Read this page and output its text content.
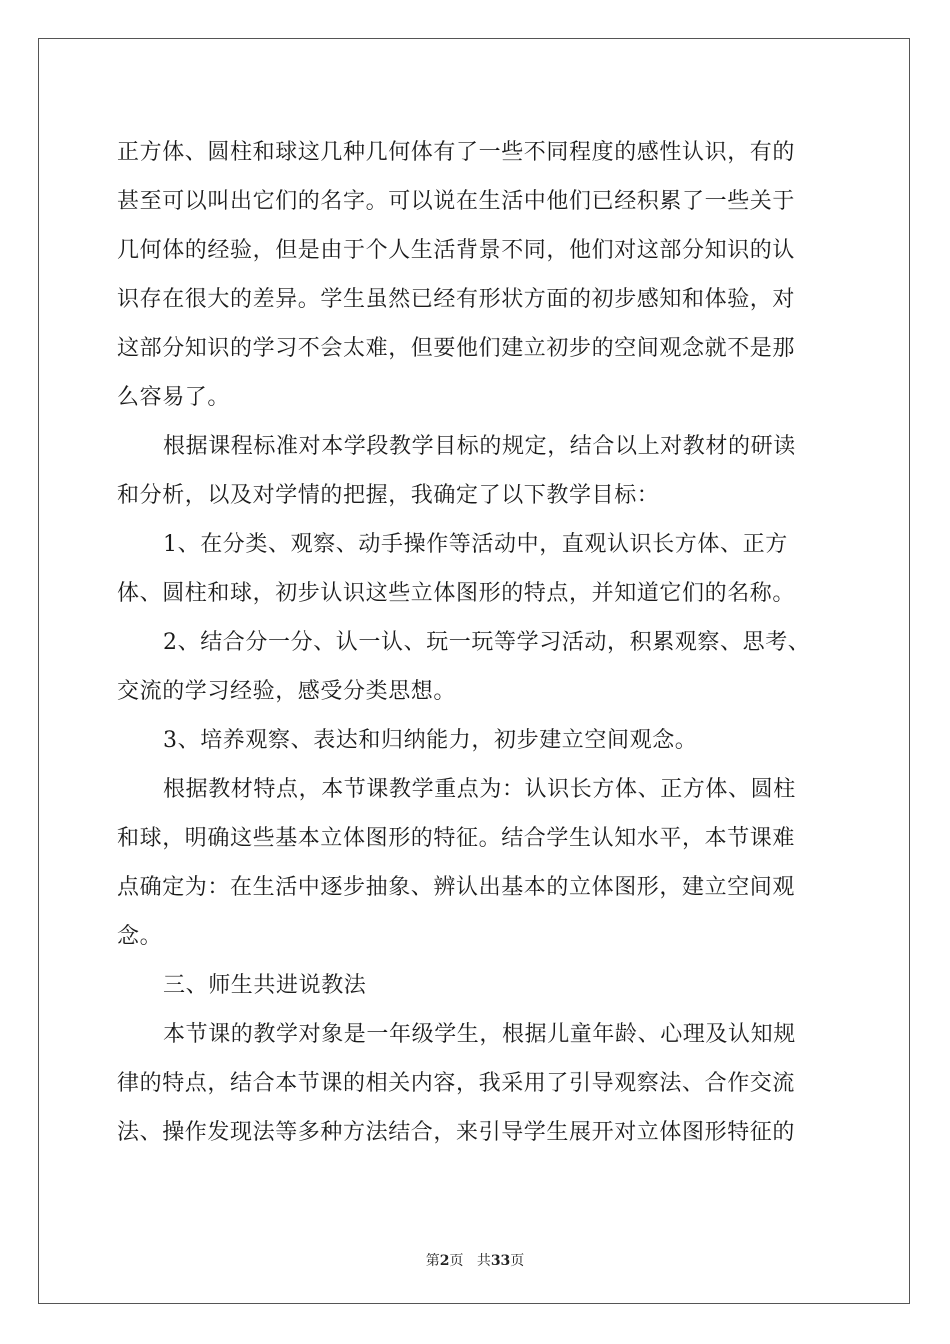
正方体、圆柱和球这几种几何体有了一些不同程度的感性认识，有的
甚至可以叫出它们的名字。可以说在生活中他们已经积累了一些关于
几何体的经验，但是由于个人生活背景不同，他们对这部分知识的认
识存在很大的差异。学生虽然已经有形状方面的初步感知和体验，对
这部分知识的学习不会太难，但要他们建立初步的空间观念就不是那
么容易了。
根据课程标准对本学段教学目标的规定，结合以上对教材的研读
和分析，以及对学情的把握，我确定了以下教学目标：
1、在分类、观察、动手操作等活动中，直观认识长方体、正方
体、圆柱和球，初步认识这些立体图形的特点，并知道它们的名称。
2、结合分一分、认一认、玩一玩等学习活动，积累观察、思考、
交流的学习经验，感受分类思想。
3、培养观察、表达和归纳能力，初步建立空间观念。
根据教材特点，本节课教学重点为：认识长方体、正方体、圆柱
和球，明确这些基本立体图形的特征。结合学生认知水平，本节课难
点确定为：在生活中逐步抽象、辨认出基本的立体图形，建立空间观
念。
三、师生共进说教法
本节课的教学对象是一年级学生，根据儿童年龄、心理及认知规
律的特点，结合本节课的相关内容，我采用了引导观察法、合作交流
法、操作发现法等多种方法结合，来引导学生展开对立体图形特征的
第2页 共33页
